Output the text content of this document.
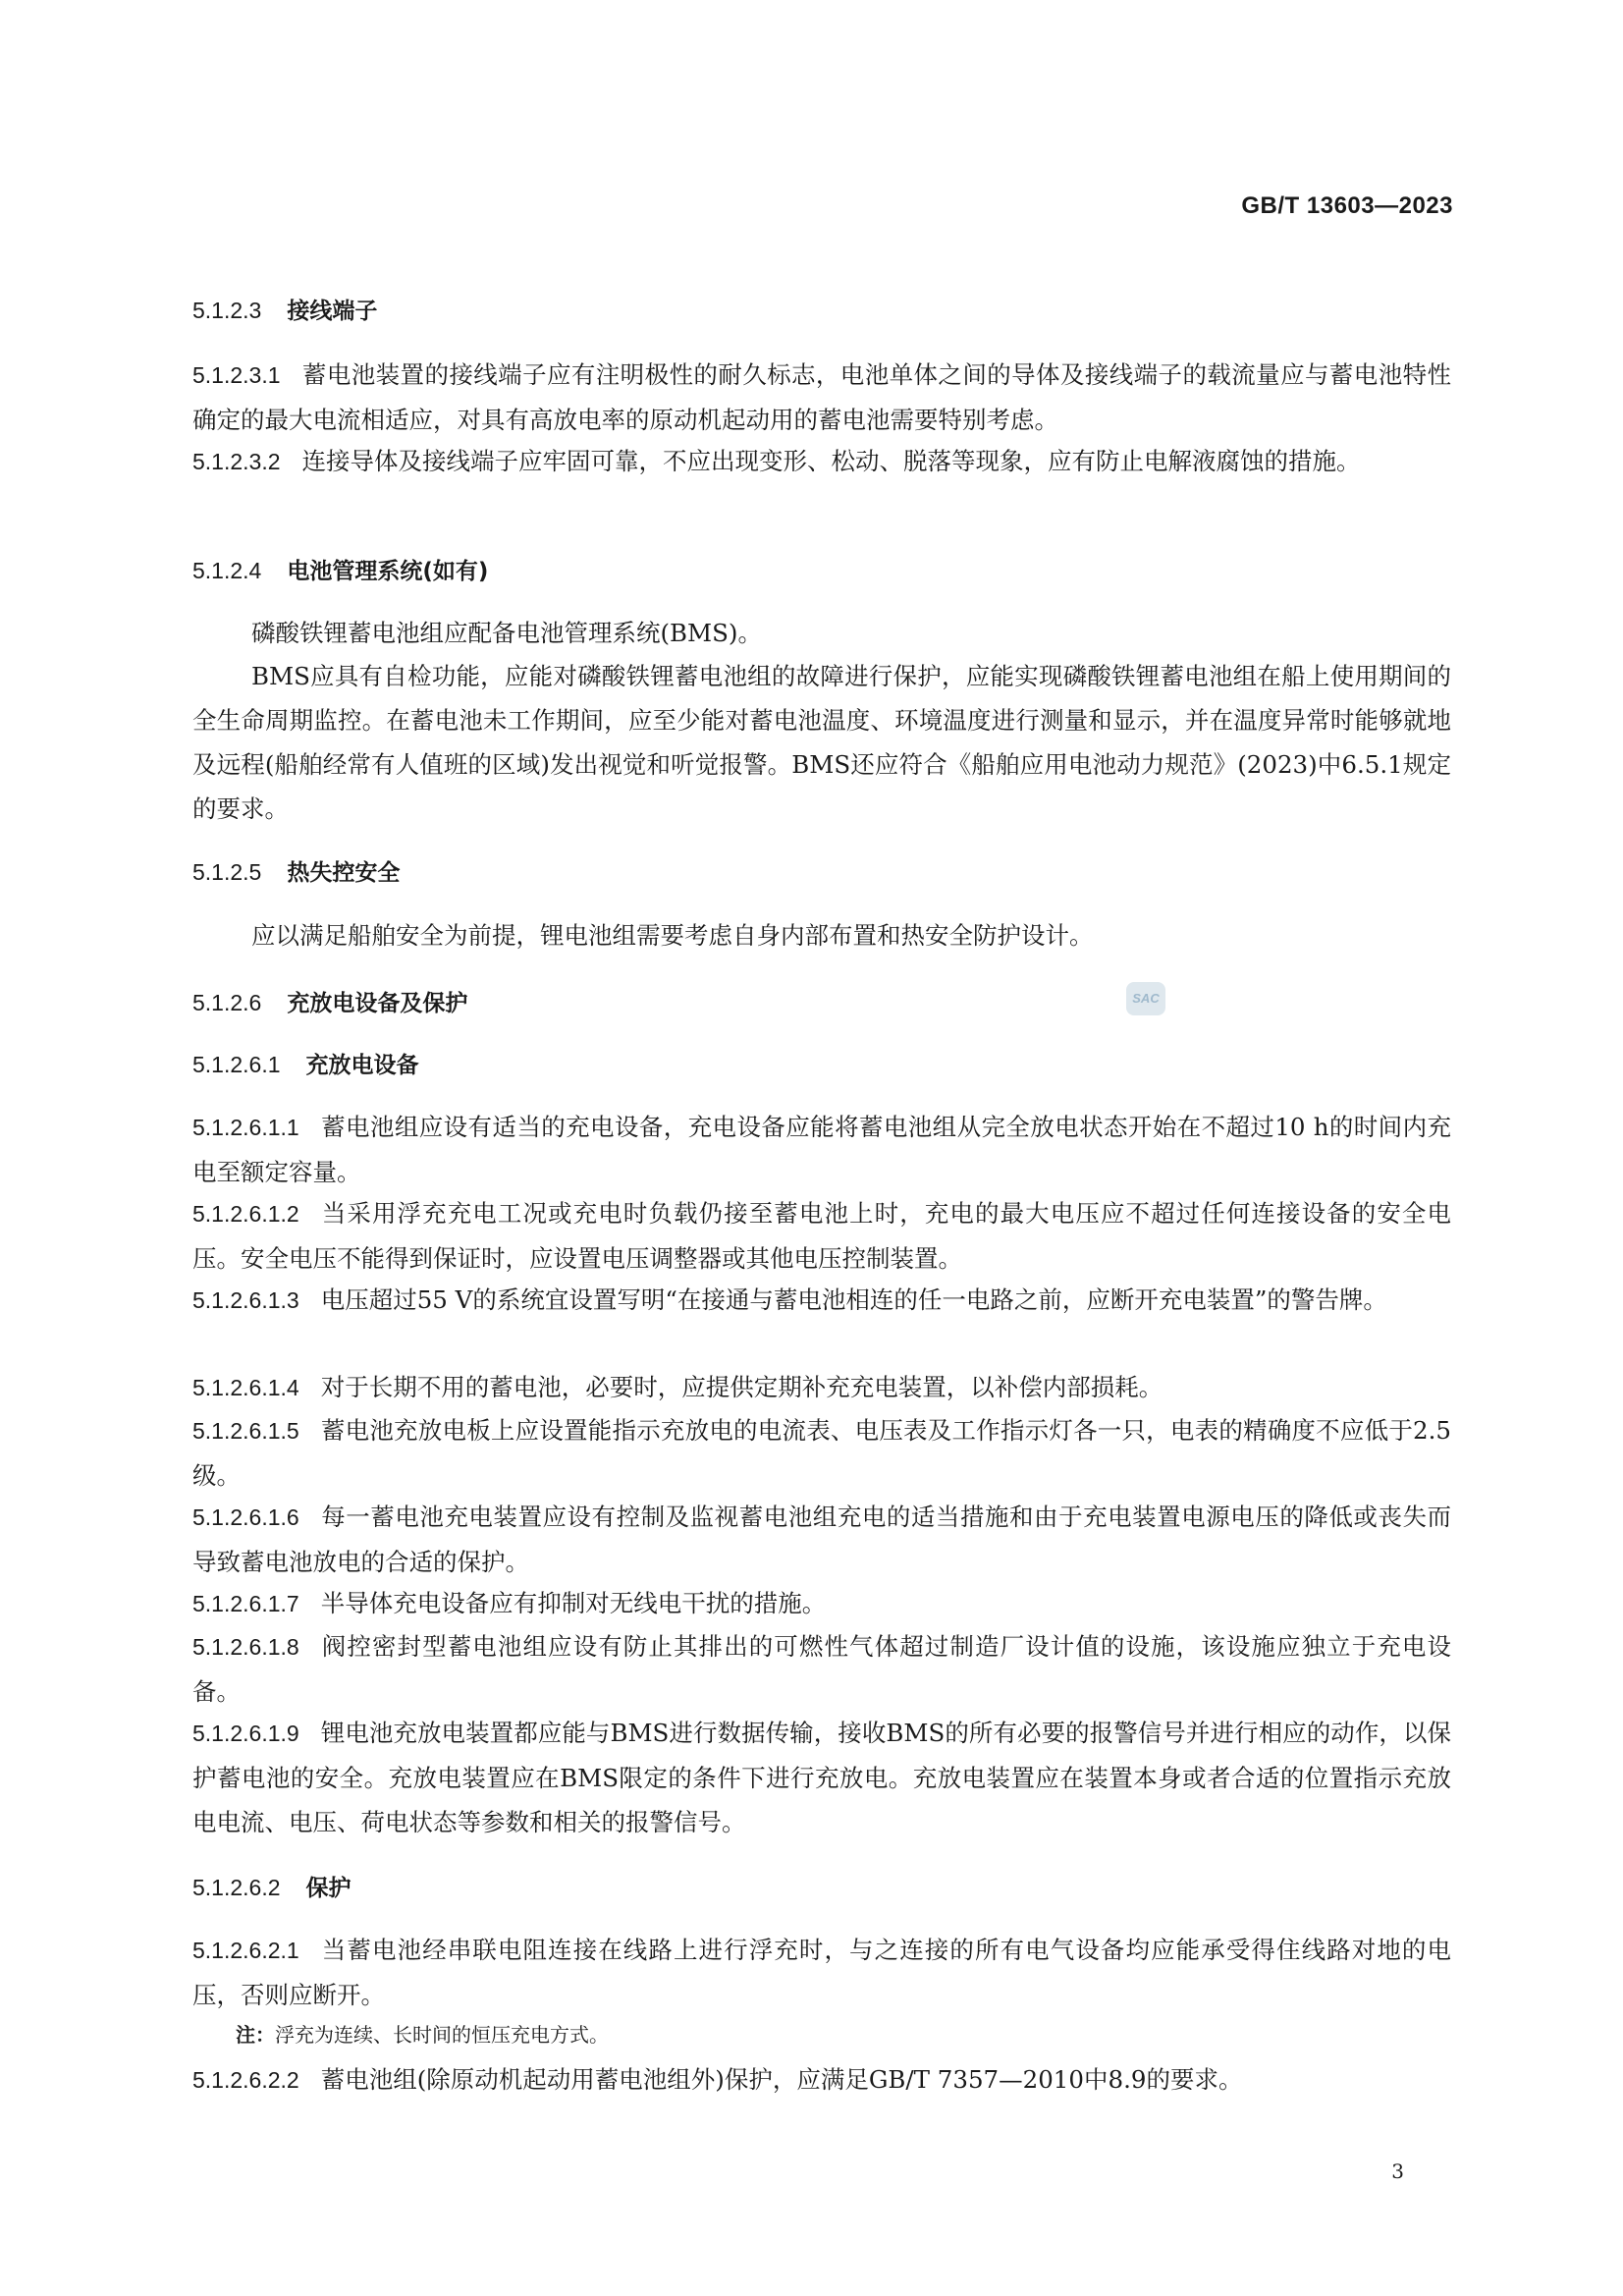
GB/T 13603—2023
5.1.2.3 接线端子
5.1.2.3.1 蓄电池装置的接线端子应有注明极性的耐久标志，电池单体之间的导体及接线端子的载流量应与蓄电池特性确定的最大电流相适应，对具有高放电率的原动机起动用的蓄电池需要特别考虑。
5.1.2.3.2 连接导体及接线端子应牢固可靠，不应出现变形、松动、脱落等现象，应有防止电解液腐蚀的措施。
5.1.2.4 电池管理系统(如有)
磷酸铁锂蓄电池组应配备电池管理系统(BMS)。
BMS应具有自检功能，应能对磷酸铁锂蓄电池组的故障进行保护，应能实现磷酸铁锂蓄电池组在船上使用期间的全生命周期监控。在蓄电池未工作期间，应至少能对蓄电池温度、环境温度进行测量和显示，并在温度异常时能够就地及远程(船舶经常有人值班的区域)发出视觉和听觉报警。BMS还应符合《船舶应用电池动力规范》(2023)中6.5.1规定的要求。
5.1.2.5 热失控安全
应以满足船舶安全为前提，锂电池组需要考虑自身内部布置和热安全防护设计。
5.1.2.6 充放电设备及保护	SAC
5.1.2.6.1 充放电设备
5.1.2.6.1.1 蓄电池组应设有适当的充电设备，充电设备应能将蓄电池组从完全放电状态开始在不超过10 h的时间内充电至额定容量。
5.1.2.6.1.2 当采用浮充充电工况或充电时负载仍接至蓄电池上时，充电的最大电压应不超过任何连接设备的安全电压。安全电压不能得到保证时，应设置电压调整器或其他电压控制装置。
5.1.2.6.1.3 电压超过55 V的系统宜设置写明“在接通与蓄电池相连的任一电路之前，应断开充电装置”的警告牌。
5.1.2.6.1.4 对于长期不用的蓄电池，必要时，应提供定期补充充电装置，以补偿内部损耗。
5.1.2.6.1.5 蓄电池充放电板上应设置能指示充放电的电流表、电压表及工作指示灯各一只，电表的精确度不应低于2.5级。
5.1.2.6.1.6 每一蓄电池充电装置应设有控制及监视蓄电池组充电的适当措施和由于充电装置电源电压的降低或丧失而导致蓄电池放电的合适的保护。
5.1.2.6.1.7 半导体充电设备应有抑制对无线电干扰的措施。
5.1.2.6.1.8 阀控密封型蓄电池组应设有防止其排出的可燃性气体超过制造厂设计值的设施，该设施应独立于充电设备。
5.1.2.6.1.9 锂电池充放电装置都应能与BMS进行数据传输，接收BMS的所有必要的报警信号并进行相应的动作，以保护蓄电池的安全。充放电装置应在BMS限定的条件下进行充放电。充放电装置应在装置本身或者合适的位置指示充放电电流、电压、荷电状态等参数和相关的报警信号。
5.1.2.6.2 保护
5.1.2.6.2.1 当蓄电池经串联电阻连接在线路上进行浮充时，与之连接的所有电气设备均应能承受得住线路对地的电压，否则应断开。
注：浮充为连续、长时间的恒压充电方式。
5.1.2.6.2.2 蓄电池组(除原动机起动用蓄电池组外)保护，应满足GB/T 7357—2010中8.9的要求。
3
